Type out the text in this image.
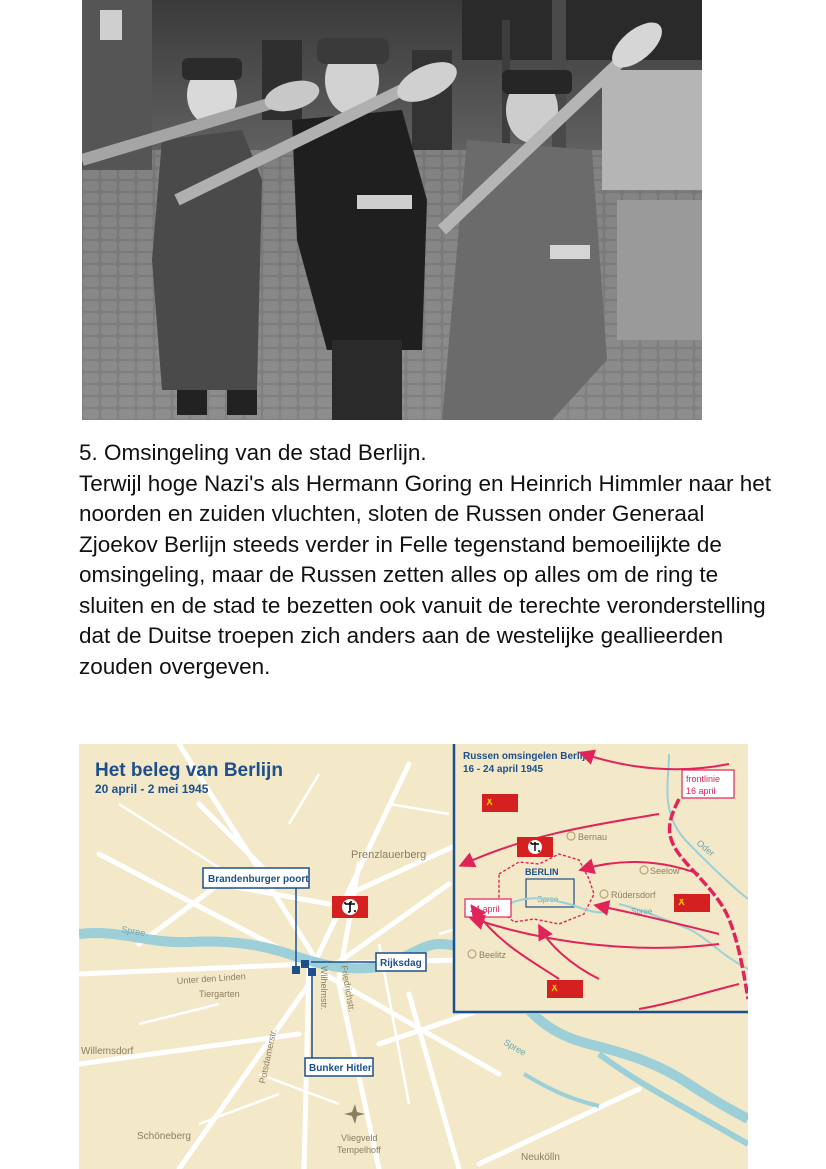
5. Omsingeling van de stad Berlijn.

Terwijl hoge Nazi's als Hermann Goring en Heinrich Himmler naar het noorden en zuiden vluchten, sloten de Russen onder Generaal Zjoekov Berlijn steeds verder in Felle tegenstand bemoeilijkte de omsingeling, maar de Russen zetten alles op alles om de ring te sluiten en de stad te bezetten ook vanuit de terechte veronderstelling dat de Duitse troepen zich anders aan de westelijke geallieerden zouden overgeven.

Het beleg van Berlijn
20 april - 2 mei 1945
Prenzlauerberg
Spree
Unter den Linden
Tiergarten	Wilhelmstr. Friedrichstr.
Potsdamerstr.
Willemsdorf
Schöneberg	Vliegveld
Tempelhoff
Neukölln
Spree
Brandenburger poort
Rijksdag
Bunker Hitler
Russen omsingelen Berlijn
16 - 24 april 1945
frontlinie
16 april
Oder
BERLIN
Spree
Spree
Bernau
Seelow
Rüdersdorf
Beelitz
24 april
